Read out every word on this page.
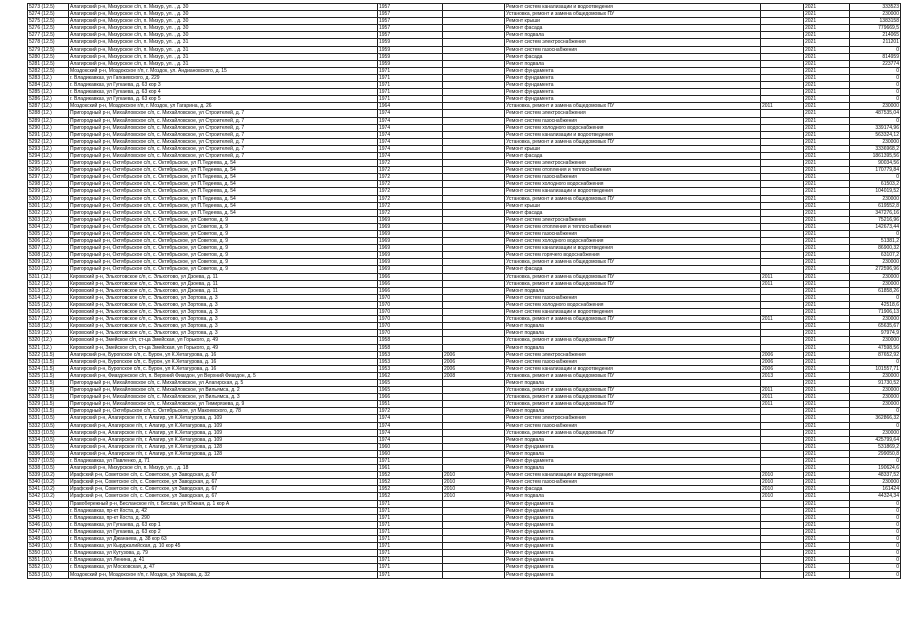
5273 (12.5)	Алагирский р-н, Мизурское с/п, п. Мизур, ул. , д. 30	1957		Ремонт систем канализации и водоотведения		2021	333523
5274 (12.5)	Алагирский р-н, Мизурское с/п, п. Мизур, ул. , д. 30	1957		Установка, ремонт и замена общедомовых ПУ		2021	230000
5275 (12.5)	Алагирский р-н, Мизурское с/п, п. Мизур, ул. , д. 30	1957		Ремонт крыши		2021	1383158
5276 (12.5)	Алагирский р-н, Мизурское с/п, п. Мизур, ул. , д. 30	1957		Ремонт фасада		2021	779669,5
5277 (12.5)	Алагирский р-н, Мизурское с/п, п. Мизур, ул. , д. 30	1957		Ремонт подвала		2021	214065
5278 (12.5)	Алагирский р-н, Мизурское с/п, п. Мизур, ул. , д. 31	1959		Ремонт систем электроснабжения		2021	211201
5279 (12.5)	Алагирский р-н, Мизурское с/п, п. Мизур, ул. , д. 31	1959		Ремонт систем газоснабжения		2021	0
5280 (12.5)	Алагирский р-н, Мизурское с/п, п. Мизур, ул. , д. 31	1959		Ремонт фасада		2021	814959
5281 (12.5)	Алагирский р-н, Мизурское с/п, п. Мизур, ул. , д. 31	1959		Ремонт подвала		2021	223774
5282 (12.5)	Моздокский р-н, Моздокское г/п, г. Моздок, ул. Андиановского, д. 15	1971		Ремонт фундамента		2021	0
5283 (12.)	г. Владикавказ, ул Гагкаевского, д. 229	1971		Ремонт фундамента		2021	0
5284 (12.)	г. Владикавказ, ул Гугкаева, д. 63 кор 3	1971		Ремонт фундамента		2021	0
5285 (12.)	г. Владикавказ, ул Гугкаева, д. 63 кор 4	1971		Ремонт фундамента		2021	0
5286 (12.)	г. Владикавказ, ул Гугкаева, д. 63 кор 5	1971		Ремонт фундамента		2021	0
5287 (12.)	Моздокский р-н, Моздокское г/п, г. Моздок, ул Гагарина, д. 26	1964		Установка, ремонт и замена общедомовых ПУ	2011	2021	230000
5288 (12.)	Пригородный р-н, Михайловское с/п, с. Михайловское, ул Строителей, д. 7	1974		Ремонт систем электроснабжения		2021	487535,04
5289 (12.)	Пригородный р-н, Михайловское с/п, с. Михайловское, ул Строителей, д. 7	1974		Ремонт систем газоснабжения		2021	0
5290 (12.)	Пригородный р-н, Михайловское с/п, с. Михайловское, ул Строителей, д. 7	1974		Ремонт систем холодного водоснабжения		2021	339174,96
5291 (12.)	Пригородный р-н, Михайловское с/п, с. Михайловское, ул Строителей, д. 7	1974		Ремонт систем канализации и водоотведения		2021	563324,12
5292 (12.)	Пригородный р-н, Михайловское с/п, с. Михайловское, ул Строителей, д. 7	1974		Установка, ремонт и замена общедомовых ПУ		2021	230000
5293 (12.)	Пригородный р-н, Михайловское с/п, с. Михайловское, ул Строителей, д. 7	1974		Ремонт крыши		2021	3336968,2
5294 (12.)	Пригородный р-н, Михайловское с/п, с. Михайловское, ул Строителей, д. 7	1974		Ремонт фасада		2021	1861395,56
5295 (12.)	Пригородный р-н, Октябрьское с/п, с. Октябрьское, ул П.Тедеева, д. 54	1972		Ремонт систем электроснабжения		2021	90034,56
5296 (12.)	Пригородный р-н, Октябрьское с/п, с. Октябрьское, ул П.Тедеева, д. 54	1972		Ремонт систем отопления и теплоснабжения		2021	170779,84
5297 (12.)	Пригородный р-н, Октябрьское с/п, с. Октябрьское, ул П.Тедеева, д. 54	1972		Ремонт систем газоснабжения		2021	0
5298 (12.)	Пригородный р-н, Октябрьское с/п, с. Октябрьское, ул П.Тедеева, д. 54	1972		Ремонт систем холодного водоснабжения		2021	61503,2
5299 (12.)	Пригородный р-н, Октябрьское с/п, с. Октябрьское, ул П.Тедеева, д. 54	1972		Ремонт систем канализации и водоотведения		2021	104019,52
5300 (12.)	Пригородный р-н, Октябрьское с/п, с. Октябрьское, ул П.Тедеева, д. 54	1972		Установка, ремонт и замена общедомовых ПУ		2021	230000
5301 (12.)	Пригородный р-н, Октябрьское с/п, с. Октябрьское, ул П.Тедеева, д. 54	1972		Ремонт крыши		2021	619552,8
5302 (12.)	Пригородный р-н, Октябрьское с/п, с. Октябрьское, ул П.Тедеева, д. 54	1972		Ремонт фасада		2021	347276,16
5303 (12.)	Пригородный р-н, Октябрьское с/п, с. Октябрьское, ул Советов, д. 9	1969		Ремонт систем электроснабжения		2021	75216,96
5304 (12.)	Пригородный р-н, Октябрьское с/п, с. Октябрьское, ул Советов, д. 9	1969		Ремонт систем отопления и теплоснабжения		2021	142673,44
5305 (12.)	Пригородный р-н, Октябрьское с/п, с. Октябрьское, ул Советов, д. 9	1969		Ремонт систем газоснабжения		2021	0
5306 (12.)	Пригородный р-н, Октябрьское с/п, с. Октябрьское, ул Советов, д. 9	1969		Ремонт систем холодного водоснабжения		2021	51381,2
5307 (12.)	Пригородный р-н, Октябрьское с/п, с. Октябрьское, ул Советов, д. 9	1969		Ремонт систем канализации и водоотведения		2021	86900,32
5308 (12.)	Пригородный р-н, Октябрьское с/п, с. Октябрьское, ул Советов, д. 9	1969		Ремонт систем горячего водоснабжения		2021	63107,2
5309 (12.)	Пригородный р-н, Октябрьское с/п, с. Октябрьское, ул Советов, д. 9	1969		Установка, ремонт и замена общедомовых ПУ		2021	230000
5310 (12.)	Пригородный р-н, Октябрьское с/п, с. Октябрьское, ул Советов, д. 9	1969		Ремонт фасада		2021	272596,96
5311 (12.)	Кировский р-н, Эльхотовское с/п, с. Эльхотово, ул Дзоева, д. 11	1966		Установка, ремонт и замена общедомовых ПУ	2011	2021	230000
5312 (12.)	Кировский р-н, Эльхотовское с/п, с. Эльхотово, ул Дзоева, д. 11	1966		Установка, ремонт и замена общедомовых ПУ	2011	2021	230000
5313 (12.)	Кировский р-н, Эльхотовское с/п, с. Эльхотово, ул Дзоева, д. 11	1966		Ремонт подвала		2021	61858,26
5314 (12.)	Кировский р-н, Эльхотовское с/п, с. Эльхотово, ул Зортова, д. 3	1970		Ремонт систем газоснабжения		2021	0
5315 (12.)	Кировский р-н, Эльхотовское с/п, с. Эльхотово, ул Зортова, д. 3	1970		Ремонт систем холодного водоснабжения		2021	42518,6
5316 (12.)	Кировский р-н, Эльхотовское с/п, с. Эльхотово, ул Зортова, д. 3	1970		Ремонт систем канализации и водоотведения		2021	71906,13
5317 (12.)	Кировский р-н, Эльхотовское с/п, с. Эльхотово, ул Зортова, д. 3	1970		Установка, ремонт и замена общедомовых ПУ	2011	2021	230000
5318 (12.)	Кировский р-н, Эльхотовское с/п, с. Эльхотово, ул Зортова, д. 3	1970		Ремонт подвала		2021	65635,67
5319 (12.)	Кировский р-н, Эльхотовское с/п, с. Эльхотово, ул Зортова, д. 3	1970		Ремонт подвала		2021	97974,9
5320 (12.)	Кировский р-н, Змейское с/п, ст-ца Змейская, ул Горького, д. 49	1958		Установка, ремонт и замена общедомовых ПУ		2021	230000
5321 (12.)	Кировский р-н, Змейское с/п, ст-ца Змейская, ул Горького, д. 49	1958		Ремонт подвала		2021	47598,56
5322 (11.5)	Алагирский р-н, Бурonское с/п, с. Бурон, ул К.Хетагурова, д. 16	1953	2006	Ремонт систем электроснабжения	2006	2021	87652,92
5323 (11.5)	Алагирский р-н, Бурonское с/п, с. Бурон, ул К.Хетагурова, д. 16	1953	2006	Ремонт систем газоснабжения	2006	2021	0
5324 (11.5)	Алагирский р-н, Бурonское с/п, с. Бурон, ул К.Хетагурова, д. 16	1953	2006	Ремонт систем канализации и водоотведения	2006	2021	101557,71
5325 (11.5)	Алагирский р-н, Фиагдонское с/п, п. Верхний Фиагдон, ул Верхний Фиагдон, д. 5	1962	2008	Установка, ремонт и замена общедомовых ПУ	2013	2021	230000
5326 (11.5)	Пригородный р-н, Михайловское с/п, с. Михайловское, ул Алагирская, д. 5	1965		Ремонт подвала		2021	91730,52
5327 (11.5)	Пригородный р-н, Михайловское с/п, с. Михайловское, ул Вильямса, д. 2	1965		Установка, ремонт и замена общедомовых ПУ	2011	2021	230000
5328 (11.5)	Пригородный р-н, Михайловское с/п, с. Михайловское, ул Вильямса, д. 3	1966		Установка, ремонт и замена общедомовых ПУ	2011	2021	230000
5329 (11.5)	Пригородный р-н, Михайловское с/п, с. Михайловское, ул Тимирязева, д. 9	1951		Установка, ремонт и замена общедомовых ПУ	2011	2021	230000
5330 (11.5)	Пригородный р-н, Октябрьское с/п, с. Октябрьское, ул Макоевского, д. 78	1972		Ремонт подвала		2021	0
5331 (10.5)	Алагирский р-н, Алагирское г/п, г. Алагир, ул К.Хетагурова, д. 109	1974		Ремонт систем электроснабжения		2021	362866,32
5332 (10.5)	Алагирский р-н, Алагирское г/п, г. Алагир, ул К.Хетагурова, д. 109	1974		Ремонт систем газоснабжения		2021	0
5333 (10.5)	Алагирский р-н, Алагирское г/п, г. Алагир, ул К.Хетагурова, д. 109	1974		Установка, ремонт и замена общедомовых ПУ		2021	230000
5334 (10.5)	Алагирский р-н, Алагирское г/п, г. Алагир, ул К.Хетагурова, д. 109	1974		Ремонт подвала		2021	425799,64
5335 (10.5)	Алагирский р-н, Алагирское г/п, г. Алагир, ул К.Хетагурова, д. 128	1960		Ремонт фундамента		2021	531869,2
5336 (10.5)	Алагирский р-н, Алагирское г/п, г. Алагир, ул К.Хетагурова, д. 128	1960		Ремонт подвала		2021	299050,8
5337 (10.5)	г. Владикавказ, ул Павленко, д. 71	1971		Ремонт фундамента		2021	0
5338 (10.5)	Алагирский р-н, Мизурское с/п, п. Мизур, ул. , д. 18	1961		Ремонт подвала		2021	190624,6
5339 (10.2)	Ирафский р-н, Советское с/п, с. Советское, ул Заводская, д. 67	1952	2010	Ремонт систем канализации и водоотведения	2010	2021	48337,52
5340 (10.2)	Ирафский р-н, Советское с/п, с. Советское, ул Заводская, д. 67	1952	2010	Ремонт систем газоснабжения	2010	2021	230000
5341 (10.2)	Ирафский р-н, Советское с/п, с. Советское, ул Заводская, д. 67	1952	2010	Ремонт фасада	2010	2021	161424
5342 (10.2)	Ирафский р-н, Советское с/п, с. Советское, ул Заводская, д. 67	1952	2010	Ремонт подвала	2010	2021	44324,34
5343 (10.)	Правобережный р-н, Бесланское г/п, г. Беслан, ул Южная, д. 1 кор А	1971		Ремонт фундамента		2021	0
5344 (10.)	г. Владикавказ, пр-кт Коста, д. 42	1971		Ремонт фундамента		2021	0
5345 (10.)	г. Владикавказ, пр-кт Коста, д. 290	1971		Ремонт фундамента		2021	0
5346 (10.)	г. Владикавказ, ул Гугкаева, д. 63 кор 1	1971		Ремонт фундамента		2021	0
5347 (10.)	г. Владикавказ, ул Гугкаева, д. 63 кор 2	1971		Ремонт фундамента		2021	0
5348 (10.)	г. Владикавказ, ул Джанаева, д. 38 кор 63	1971		Ремонт фундамента		2021	0
5349 (10.)	г. Владикавказ, ул Кырджалийская, д. 10 кор 45	1971		Ремонт фундамента		2021	0
5350 (10.)	г. Владикавказ, ул Кутузова, д. 79	1971		Ремонт фундамента		2021	0
5351 (10.)	г. Владикавказ, ул Ленина, д. 41	1971		Ремонт фундамента		2021	0
5352 (10.)	г. Владикавказ, ул Московская, д. 47	1971		Ремонт фундамента		2021	0
5353 (10.)	Моздокский р-н, Моздокское г/п, г. Моздок, ул Уварова, д. 32	1971		Ремонт фундамента		2021	0
